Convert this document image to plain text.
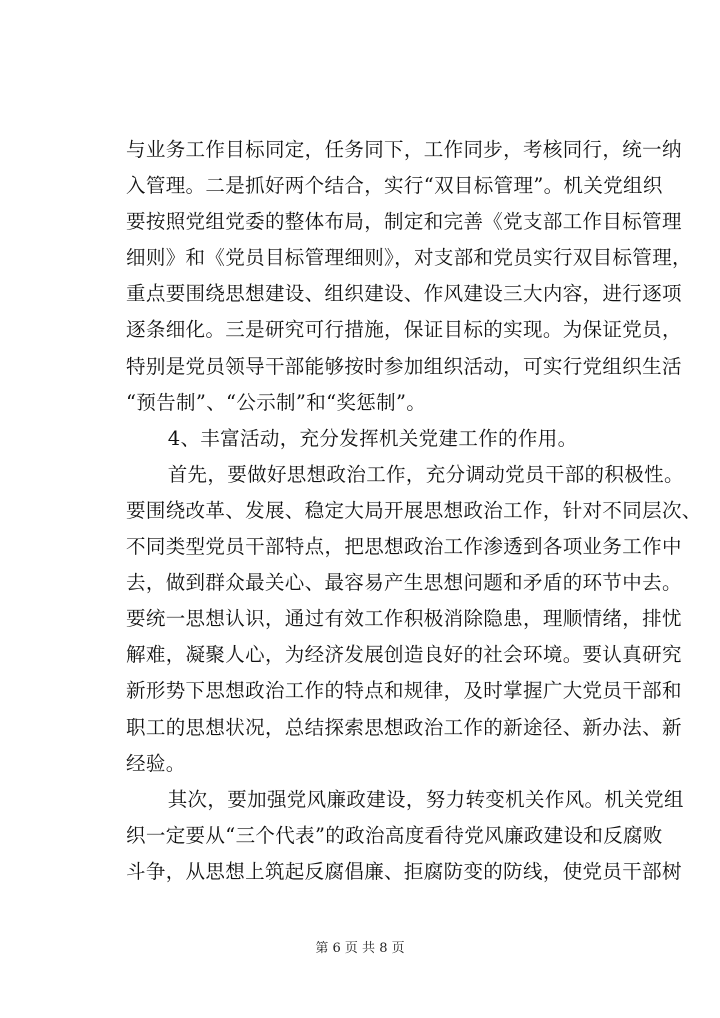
与业务工作目标同定，任务同下，工作同步，考核同行，统一纳
入管理。二是抓好两个结合，实行“双目标管理”。机关党组织
要按照党组党委的整体布局，制定和完善《党支部工作目标管理
细则》和《党员目标管理细则》，对支部和党员实行双目标管理，
重点要围绕思想建设、组织建设、作风建设三大内容，进行逐项
逐条细化。三是研究可行措施，保证目标的实现。为保证党员，
特别是党员领导干部能够按时参加组织活动，可实行党组织生活
“预告制”、“公示制”和“奖惩制”。
　　4、丰富活动，充分发挥机关党建工作的作用。
　　首先，要做好思想政治工作，充分调动党员干部的积极性。
要围绕改革、发展、稳定大局开展思想政治工作，针对不同层次、
不同类型党员干部特点，把思想政治工作渗透到各项业务工作中
去，做到群众最关心、最容易产生思想问题和矛盾的环节中去。
要统一思想认识，通过有效工作积极消除隐患，理顺情绪，排忧
解难，凝聚人心，为经济发展创造良好的社会环境。要认真研究
新形势下思想政治工作的特点和规律，及时掌握广大党员干部和
职工的思想状况，总结探索思想政治工作的新途径、新办法、新
经验。
　　其次，要加强党风廉政建设，努力转变机关作风。机关党组
织一定要从“三个代表”的政治高度看待党风廉政建设和反腐败
斗争，从思想上筑起反腐倡廉、拒腐防变的防线，使党员干部树
第 6 页 共 8 页
